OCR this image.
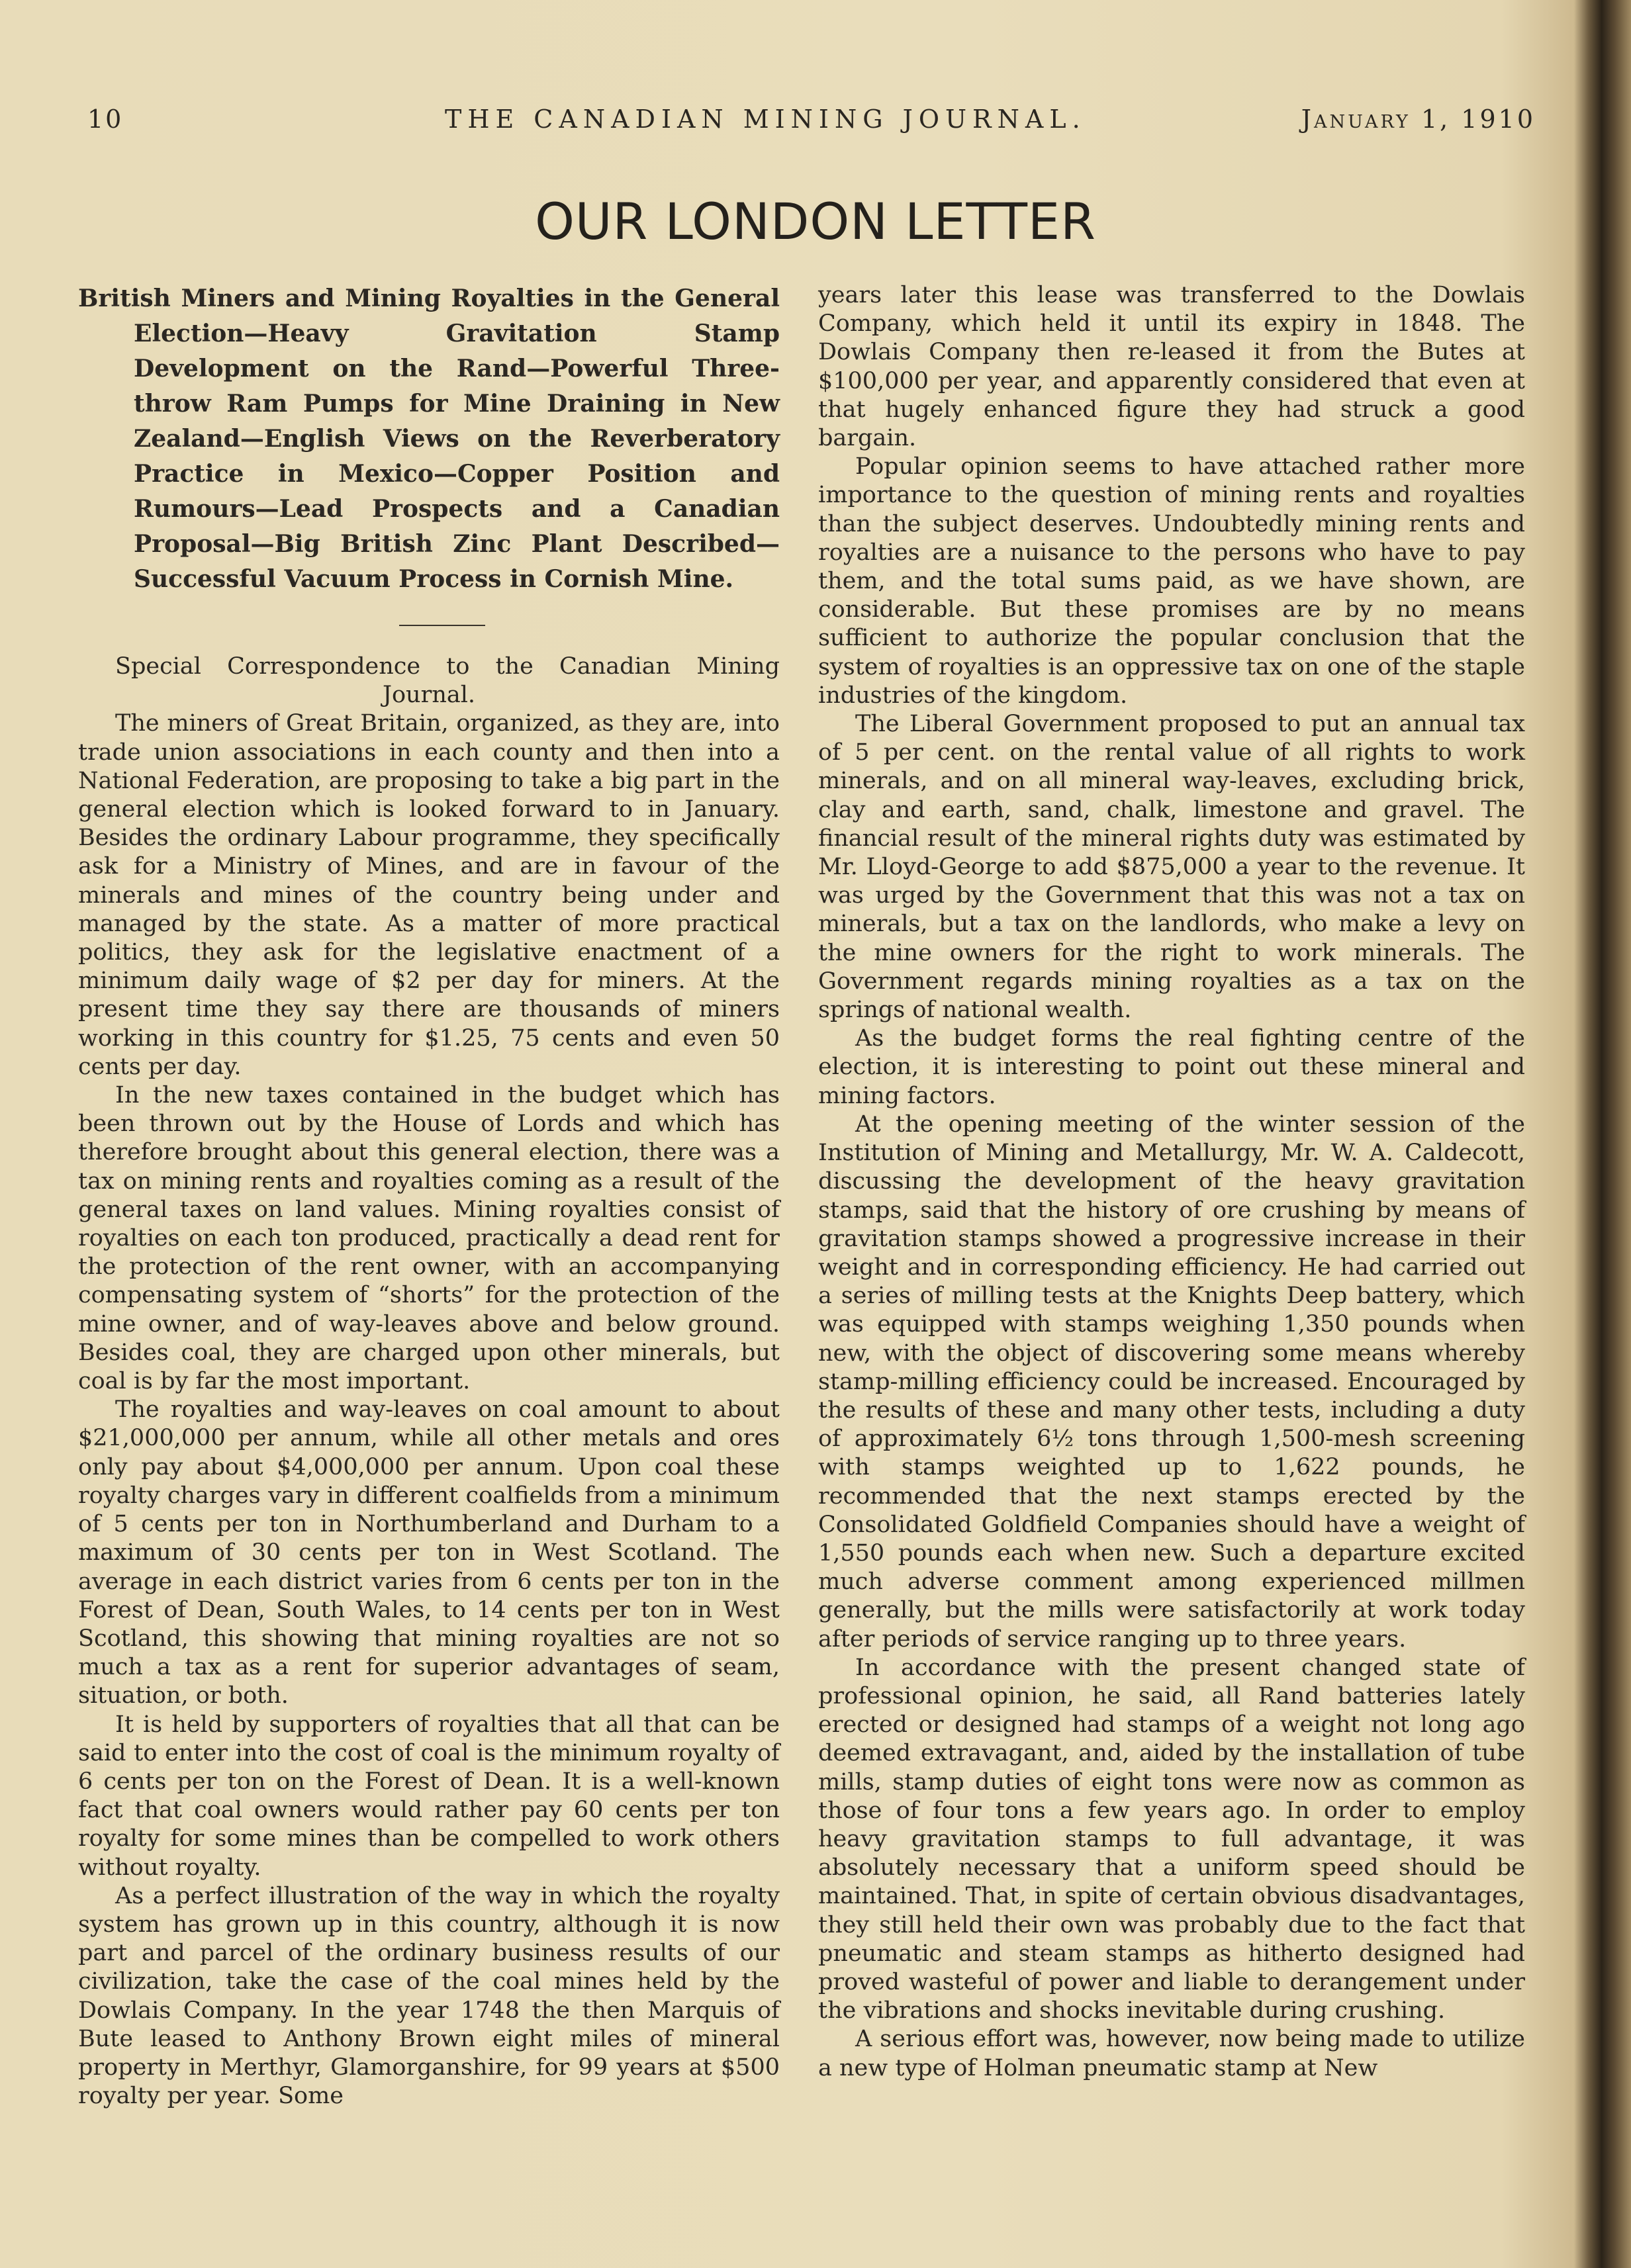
10	THE CANADIAN MINING JOURNAL.	January 1, 1910
OUR LONDON LETTER

British Miners and Mining Royalties in the General Election—Heavy Gravitation Stamp Development on the Rand—Powerful Three-throw Ram Pumps for Mine Draining in New Zealand—English Views on the Reverberatory Practice in Mexico—Copper Position and Rumours—Lead Prospects and a Canadian Proposal—Big British Zinc Plant Described—Successful Vacuum Process in Cornish Mine.

Special Correspondence to the Canadian Mining Journal.

The miners of Great Britain, organized, as they are, into trade union associations in each county and then into a National Federation, are proposing to take a big part in the general election which is looked forward to in January. Besides the ordinary Labour programme, they specifically ask for a Ministry of Mines, and are in favour of the minerals and mines of the country being under and managed by the state. As a matter of more practical politics, they ask for the legislative enactment of a minimum daily wage of $2 per day for miners. At the present time they say there are thousands of miners working in this country for $1.25, 75 cents and even 50 cents per day.

In the new taxes contained in the budget which has been thrown out by the House of Lords and which has therefore brought about this general election, there was a tax on mining rents and royalties coming as a result of the general taxes on land values. Mining royalties consist of royalties on each ton produced, practically a dead rent for the protection of the rent owner, with an accompanying compensating system of “shorts” for the protection of the mine owner, and of way-leaves above and below ground. Besides coal, they are charged upon other minerals, but coal is by far the most important.

The royalties and way-leaves on coal amount to about $21,000,000 per annum, while all other metals and ores only pay about $4,000,000 per annum. Upon coal these royalty charges vary in different coalfields from a minimum of 5 cents per ton in Northumberland and Durham to a maximum of 30 cents per ton in West Scotland. The average in each district varies from 6 cents per ton in the Forest of Dean, South Wales, to 14 cents per ton in West Scotland, this showing that mining royalties are not so much a tax as a rent for superior advantages of seam, situation, or both.

It is held by supporters of royalties that all that can be said to enter into the cost of coal is the minimum royalty of 6 cents per ton on the Forest of Dean. It is a well-known fact that coal owners would rather pay 60 cents per ton royalty for some mines than be compelled to work others without royalty.

As a perfect illustration of the way in which the royalty system has grown up in this country, although it is now part and parcel of the ordinary business results of our civilization, take the case of the coal mines held by the Dowlais Company. In the year 1748 the then Marquis of Bute leased to Anthony Brown eight miles of mineral property in Merthyr, Glamorganshire, for 99 years at $500 royalty per year. Some

years later this lease was transferred to the Dowlais Company, which held it until its expiry in 1848. The Dowlais Company then re-leased it from the Butes at $100,000 per year, and apparently considered that even at that hugely enhanced figure they had struck a good bargain.

Popular opinion seems to have attached rather more importance to the question of mining rents and royalties than the subject deserves. Undoubtedly mining rents and royalties are a nuisance to the persons who have to pay them, and the total sums paid, as we have shown, are considerable. But these promises are by no means sufficient to authorize the popular conclusion that the system of royalties is an oppressive tax on one of the staple industries of the kingdom.

The Liberal Government proposed to put an annual tax of 5 per cent. on the rental value of all rights to work minerals, and on all mineral way-leaves, excluding brick, clay and earth, sand, chalk, limestone and gravel. The financial result of the mineral rights duty was estimated by Mr. Lloyd-George to add $875,000 a year to the revenue. It was urged by the Government that this was not a tax on minerals, but a tax on the landlords, who make a levy on the mine owners for the right to work minerals. The Government regards mining royalties as a tax on the springs of national wealth.

As the budget forms the real fighting centre of the election, it is interesting to point out these mineral and mining factors.

At the opening meeting of the winter session of the Institution of Mining and Metallurgy, Mr. W. A. Caldecott, discussing the development of the heavy gravitation stamps, said that the history of ore crushing by means of gravitation stamps showed a progressive increase in their weight and in corresponding efficiency. He had carried out a series of milling tests at the Knights Deep battery, which was equipped with stamps weighing 1,350 pounds when new, with the object of discovering some means whereby stamp-milling efficiency could be increased. Encouraged by the results of these and many other tests, including a duty of approximately 6½ tons through 1,500-mesh screening with stamps weighted up to 1,622 pounds, he recommended that the next stamps erected by the Consolidated Goldfield Companies should have a weight of 1,550 pounds each when new. Such a departure excited much adverse comment among experienced millmen generally, but the mills were satisfactorily at work today after periods of service ranging up to three years.

In accordance with the present changed state of professional opinion, he said, all Rand batteries lately erected or designed had stamps of a weight not long ago deemed extravagant, and, aided by the installation of tube mills, stamp duties of eight tons were now as common as those of four tons a few years ago. In order to employ heavy gravitation stamps to full advantage, it was absolutely necessary that a uniform speed should be maintained. That, in spite of certain obvious disadvantages, they still held their own was probably due to the fact that pneumatic and steam stamps as hitherto designed had proved wasteful of power and liable to derangement under the vibrations and shocks inevitable during crushing.

A serious effort was, however, now being made to utilize a new type of Holman pneumatic stamp at New
